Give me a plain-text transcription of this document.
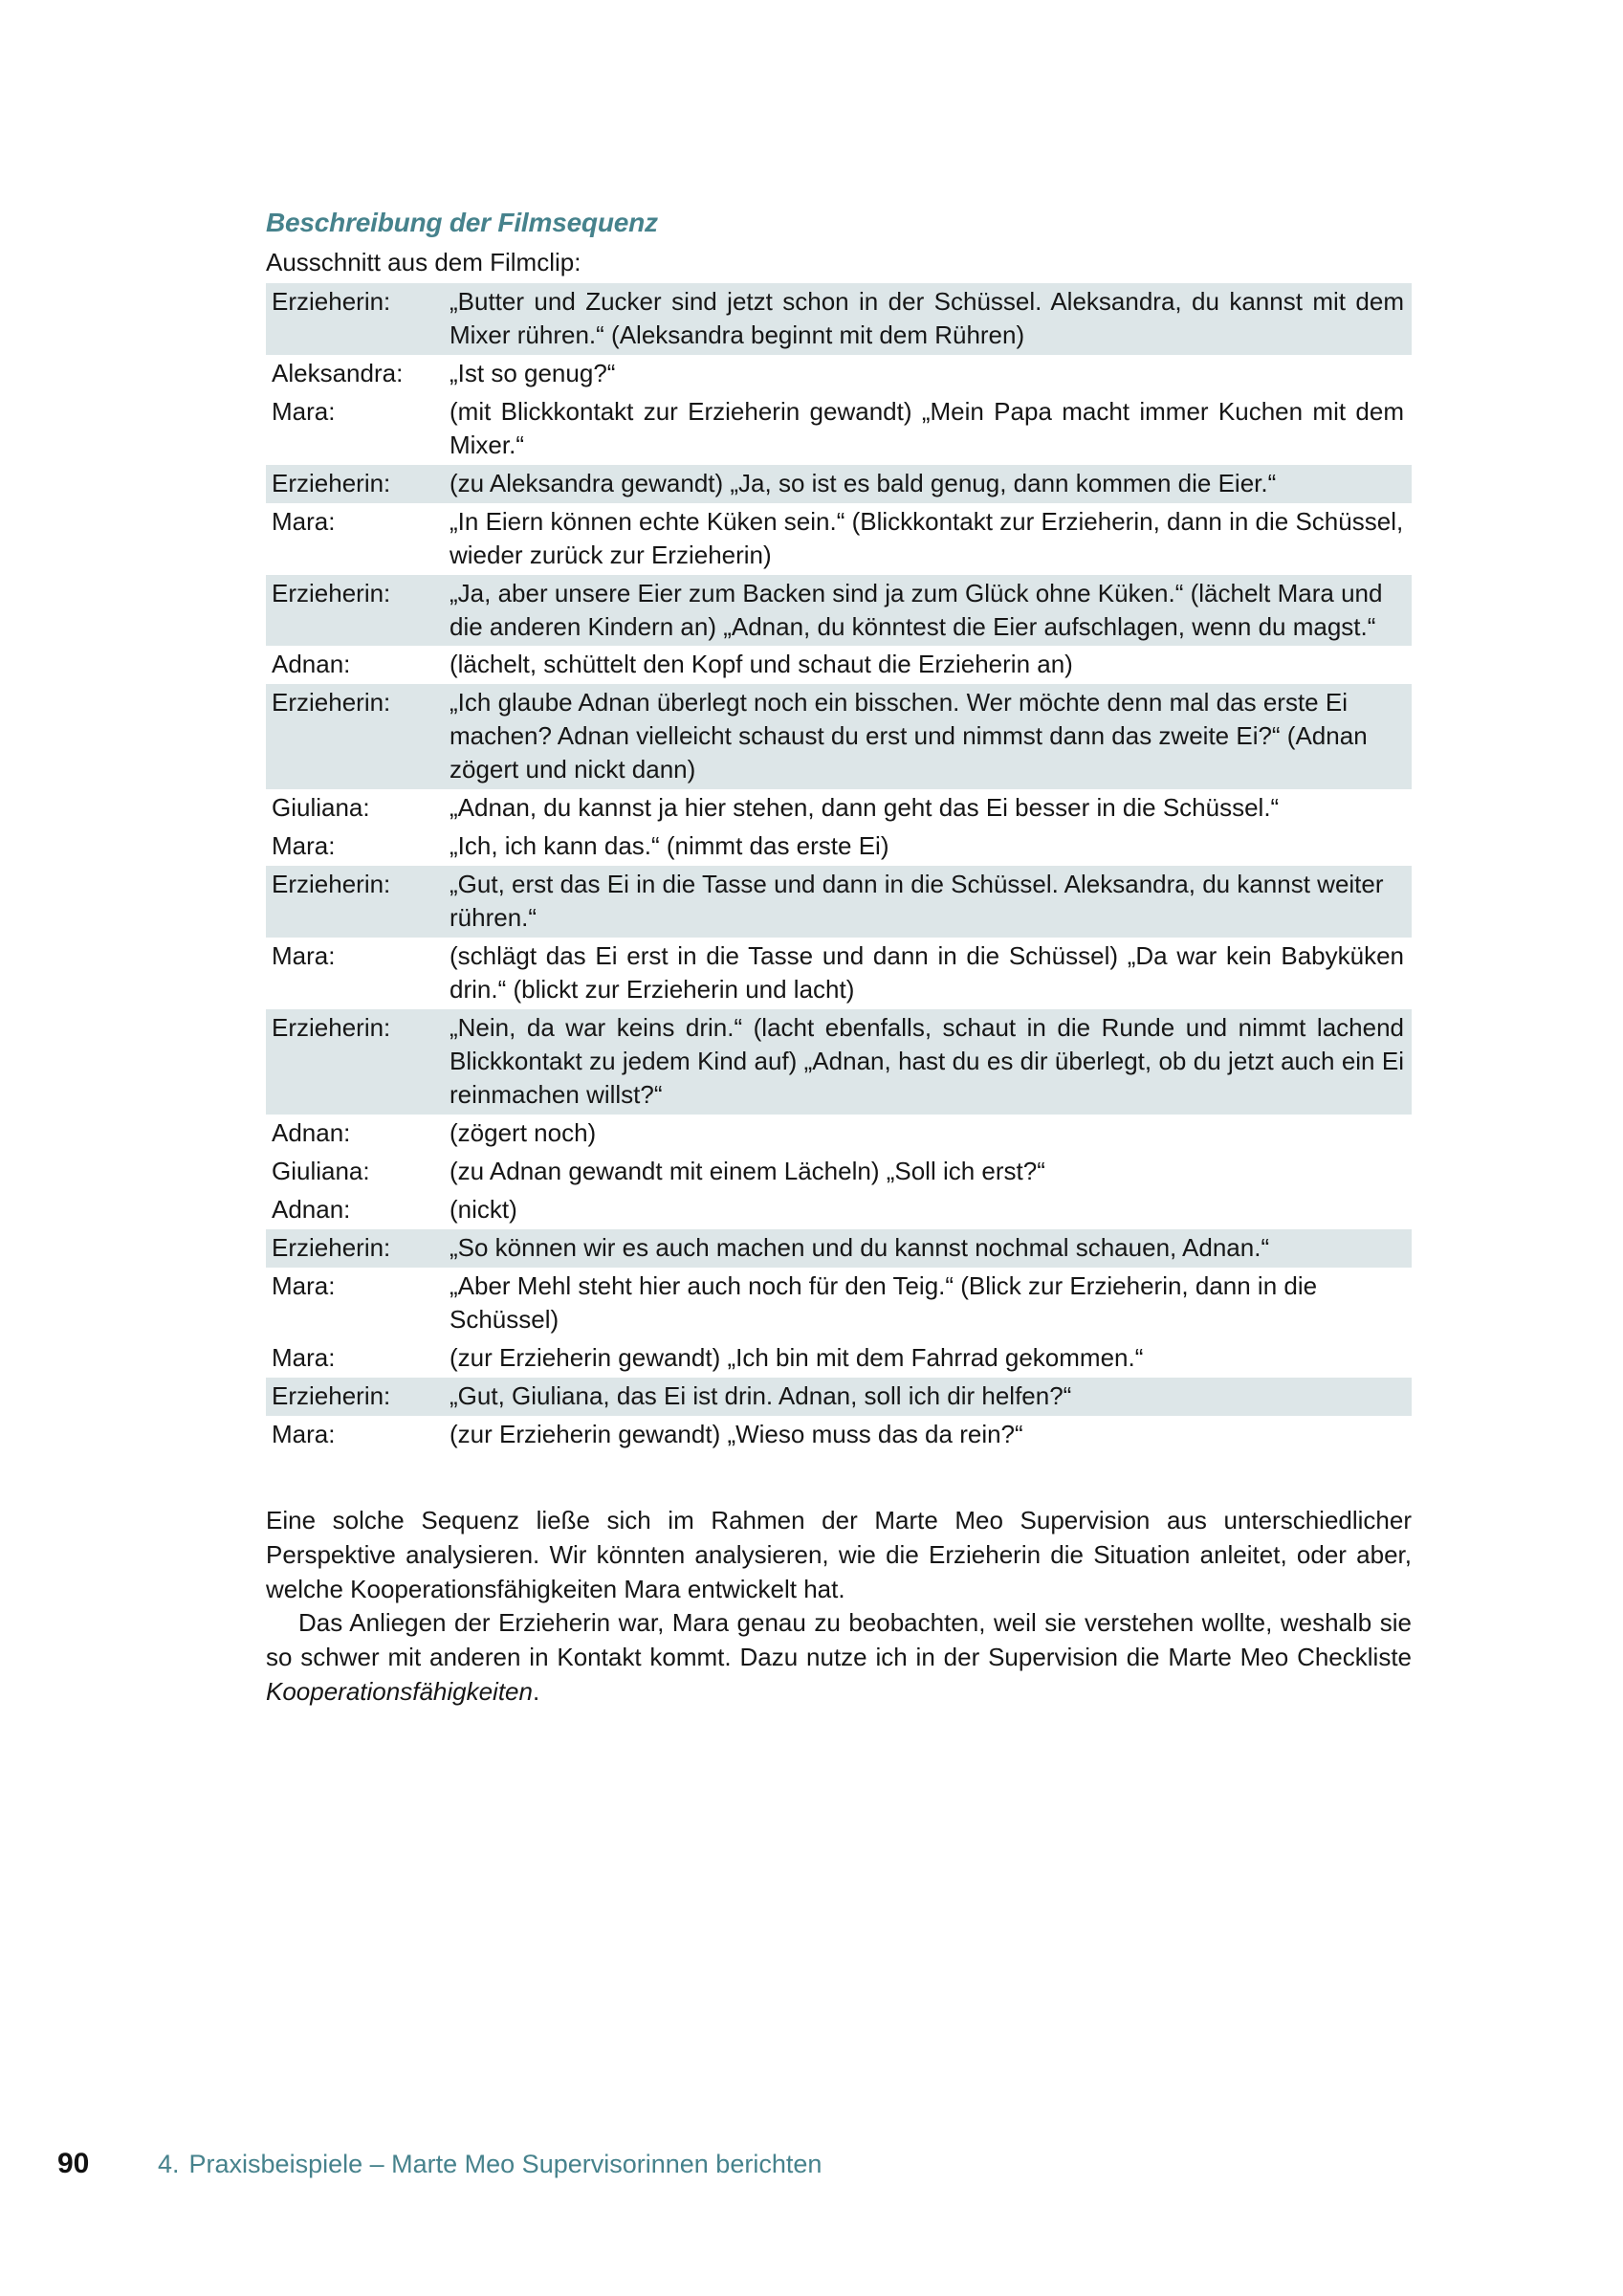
Beschreibung der Filmsequenz

Ausschnitt aus dem Filmclip:

Erzieherin:	„Butter und Zucker sind jetzt schon in der Schüssel. Aleksandra, du kannst mit dem Mixer rühren.“ (Aleksandra beginnt mit dem Rühren)
Aleksandra:	„Ist so genug?“
Mara:	(mit Blickkontakt zur Erzieherin gewandt) „Mein Papa macht immer Kuchen mit dem Mixer.“
Erzieherin:	(zu Aleksandra gewandt) „Ja, so ist es bald genug, dann kommen die Eier.“
Mara:	„In Eiern können echte Küken sein.“ (Blickkontakt zur Erzieherin, dann in die Schüssel, wieder zurück zur Erzieherin)
Erzieherin:	„Ja, aber unsere Eier zum Backen sind ja zum Glück ohne Küken.“ (lächelt Mara und die anderen Kindern an) „Adnan, du könntest die Eier aufschlagen, wenn du magst.“
Adnan:	(lächelt, schüttelt den Kopf und schaut die Erzieherin an)
Erzieherin:	„Ich glaube Adnan überlegt noch ein bisschen. Wer möchte denn mal das erste Ei machen? Adnan vielleicht schaust du erst und nimmst dann das zweite Ei?“ (Adnan zögert und nickt dann)
Giuliana:	„Adnan, du kannst ja hier stehen, dann geht das Ei besser in die Schüssel.“
Mara:	„Ich, ich kann das.“ (nimmt das erste Ei)
Erzieherin:	„Gut, erst das Ei in die Tasse und dann in die Schüssel. Aleksandra, du kannst weiter rühren.“
Mara:	(schlägt das Ei erst in die Tasse und dann in die Schüssel) „Da war kein Babyküken drin.“ (blickt zur Erzieherin und lacht)
Erzieherin:	„Nein, da war keins drin.“ (lacht ebenfalls, schaut in die Runde und nimmt lachend Blickkontakt zu jedem Kind auf) „Adnan, hast du es dir überlegt, ob du jetzt auch ein Ei reinmachen willst?“
Adnan:	(zögert noch)
Giuliana:	(zu Adnan gewandt mit einem Lächeln) „Soll ich erst?“
Adnan:	(nickt)
Erzieherin:	„So können wir es auch machen und du kannst nochmal schauen, Adnan.“
Mara:	„Aber Mehl steht hier auch noch für den Teig.“ (Blick zur Erzieherin, dann in die Schüssel)
Mara:	(zur Erzieherin gewandt) „Ich bin mit dem Fahrrad gekommen.“
Erzieherin:	„Gut, Giuliana, das Ei ist drin. Adnan, soll ich dir helfen?“
Mara:	(zur Erzieherin gewandt) „Wieso muss das da rein?“

Eine solche Sequenz ließe sich im Rahmen der Marte Meo Supervision aus unterschiedlicher Perspektive analysieren. Wir könnten analysieren, wie die Erzieherin die Situation anleitet, oder aber, welche Kooperationsfähigkeiten Mara entwickelt hat.

Das Anliegen der Erzieherin war, Mara genau zu beobachten, weil sie verstehen wollte, weshalb sie so schwer mit anderen in Kontakt kommt. Dazu nutze ich in der Supervision die Marte Meo Checkliste Kooperationsfähigkeiten.

90	4. Praxisbeispiele – Marte Meo Supervisorinnen berichten
